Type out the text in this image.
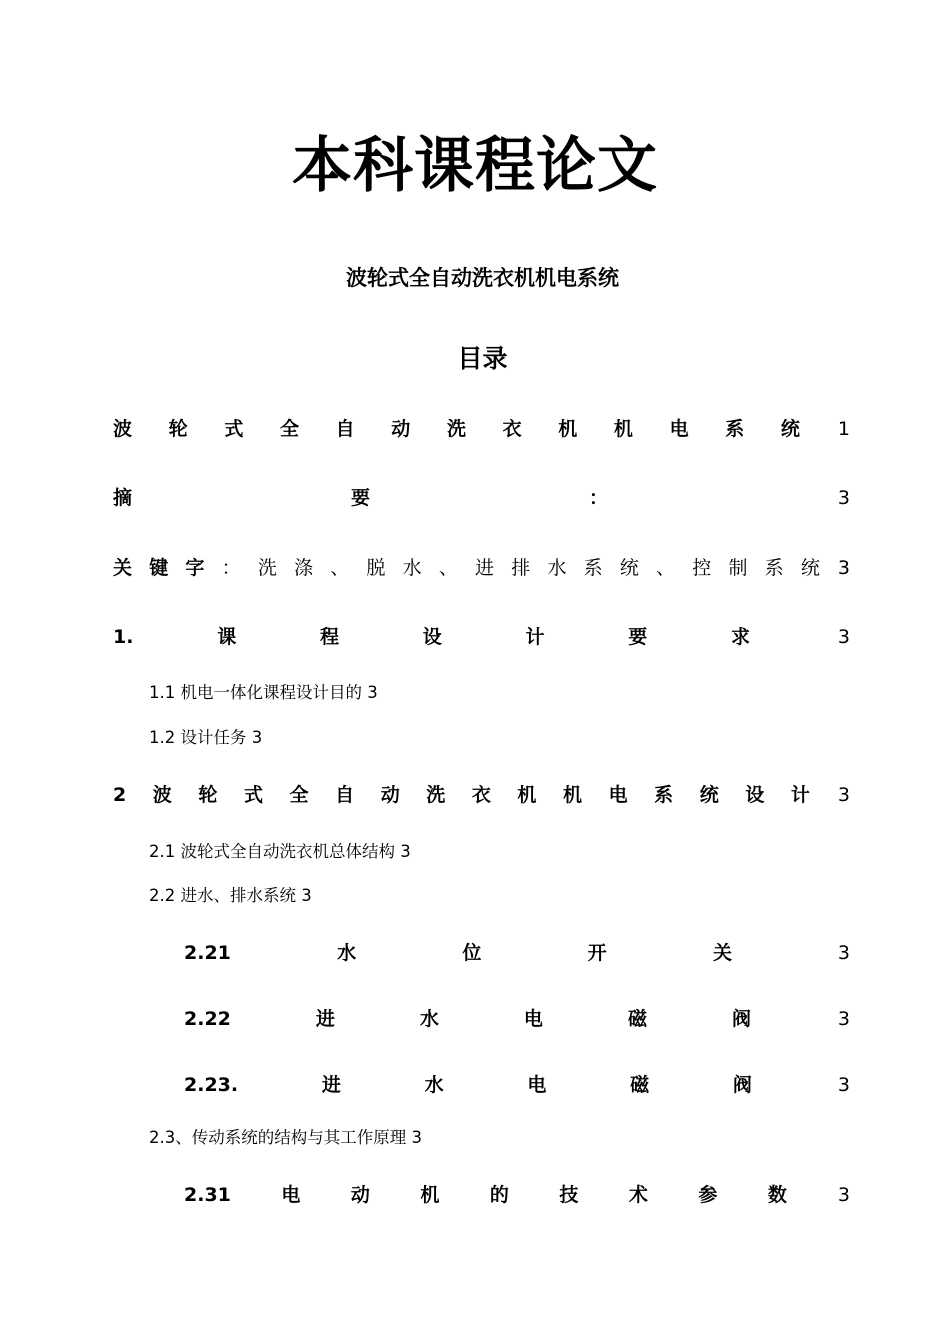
本科课程论文
波轮式全自动洗衣机机电系统
目录
波 轮 式 全 自 动 洗 衣 机 机 电 系 统 1
摘	要	：	3
关 键 字 ： 洗 涤 、 脱 水 、 进 排 水 系 统 、 控 制 系 统 3
1.	课	程	设	计	要	求	3
1.1 机电一体化课程设计目的 3
1.2 设计任务 3
2 波 轮 式 全 自 动 洗 衣 机 机 电 系 统 设 计 3
2.1 波轮式全自动洗衣机总体结构 3
2.2 进水、排水系统 3
2.21	水	位	开	关	3
2.22	进	水	电	磁	阀	3
2.23.	进	水	电	磁	阀	3
2.3、传动系统的结构与其工作原理 3
2.31	电	动	机	的	技	术	参	数	3
